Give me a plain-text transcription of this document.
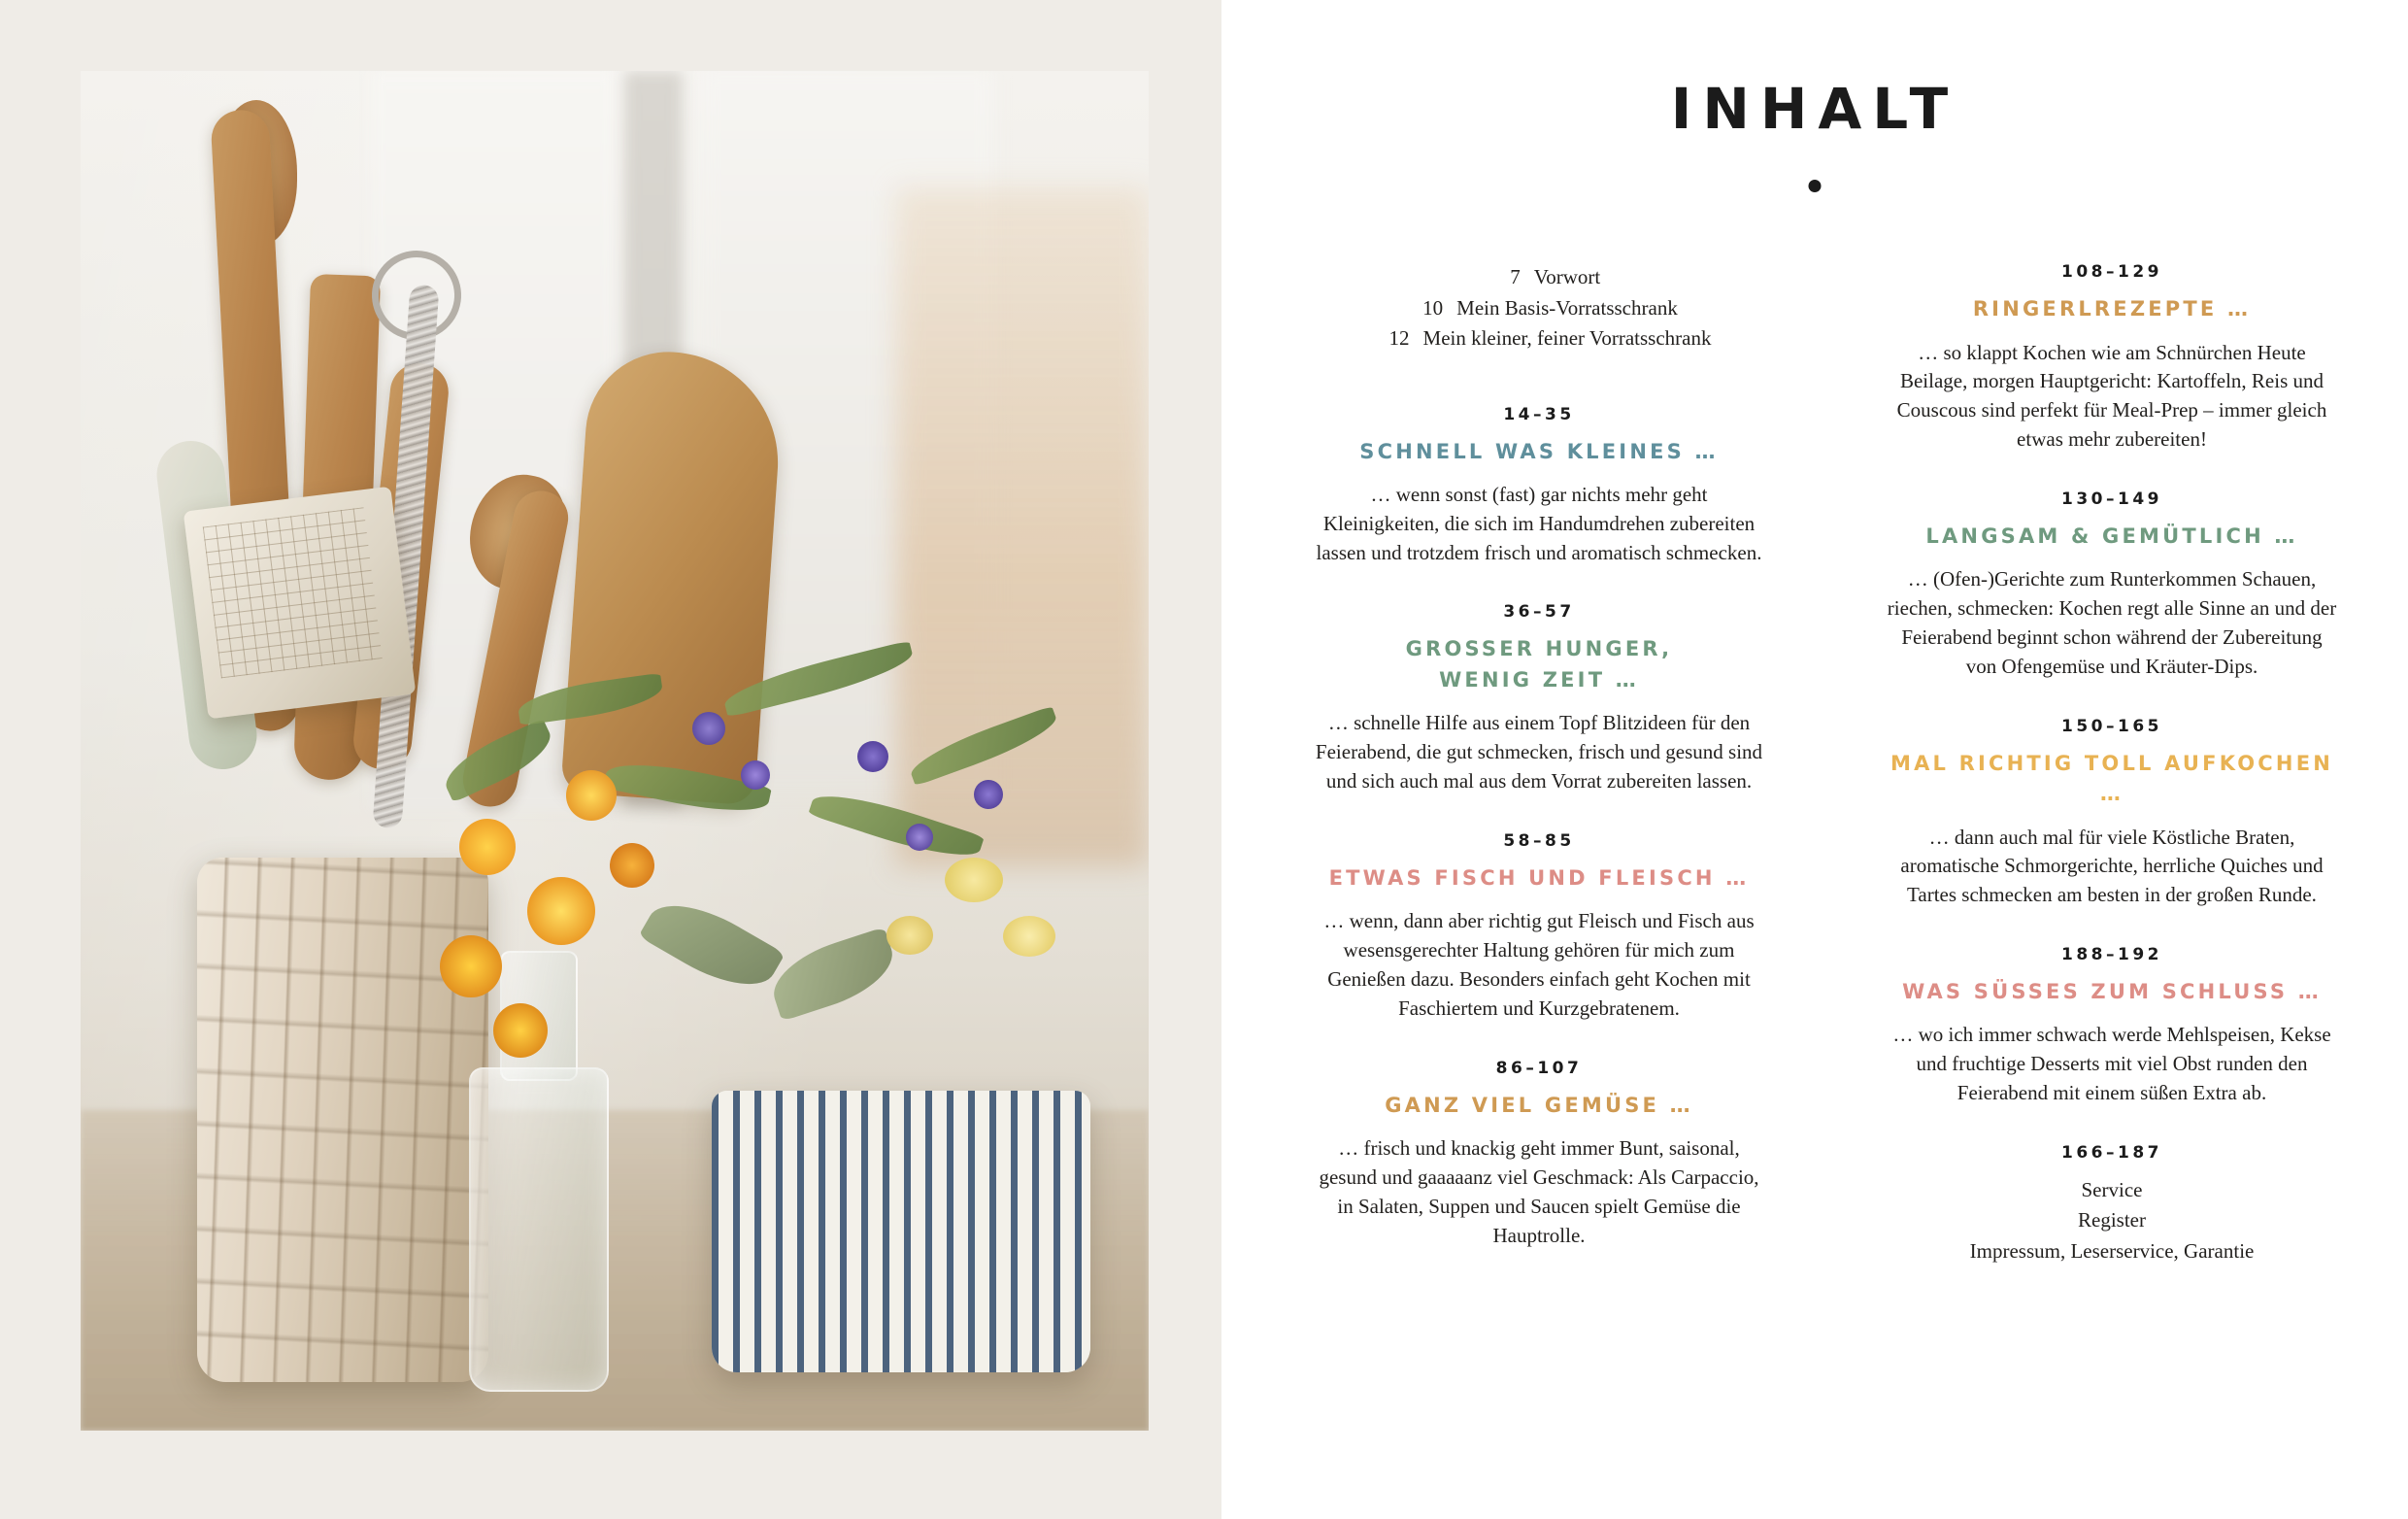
INHALT
7 Vorwort
10 Mein Basis-Vorratsschrank
12 Mein kleiner, feiner Vorratsschrank
14–35
SCHNELL WAS KLEINES …
… wenn sonst (fast) gar nichts mehr geht Kleinigkeiten, die sich im Handumdrehen zubereiten lassen und trotzdem frisch und aromatisch schmecken.
36–57
GROSSER HUNGER,
WENIG ZEIT …
… schnelle Hilfe aus einem Topf Blitzideen für den Feierabend, die gut schmecken, frisch und gesund sind und sich auch mal aus dem Vorrat zubereiten lassen.
58–85
ETWAS FISCH UND FLEISCH …
… wenn, dann aber richtig gut Fleisch und Fisch aus wesensgerechter Haltung gehören für mich zum Genießen dazu. Besonders einfach geht Kochen mit Faschiertem und Kurzgebratenem.
86–107
GANZ VIEL GEMÜSE …
… frisch und knackig geht immer Bunt, saisonal, gesund und gaaaaanz viel Geschmack: Als Carpaccio, in Salaten, Suppen und Saucen spielt Gemüse die Hauptrolle.
108–129
RINGERLREZEPTE …
… so klappt Kochen wie am Schnürchen Heute Beilage, morgen Hauptgericht: Kartoffeln, Reis und Couscous sind perfekt für Meal-Prep – immer gleich etwas mehr zubereiten!
130–149
LANGSAM & GEMÜTLICH …
… (Ofen-)Gerichte zum Runterkommen Schauen, riechen, schmecken: Kochen regt alle Sinne an und der Feierabend beginnt schon während der Zubereitung von Ofengemüse und Kräuter-Dips.
150–165
MAL RICHTIG TOLL AUFKOCHEN …
… dann auch mal für viele Köstliche Braten, aromatische Schmorgerichte, herrliche Quiches und Tartes schmecken am besten in der großen Runde.
188–192
WAS SÜSSES ZUM SCHLUSS …
… wo ich immer schwach werde Mehlspeisen, Kekse und fruchtige Desserts mit viel Obst runden den Feierabend mit einem süßen Extra ab.
166–187
Service
Register
Impressum, Leserservice, Garantie
